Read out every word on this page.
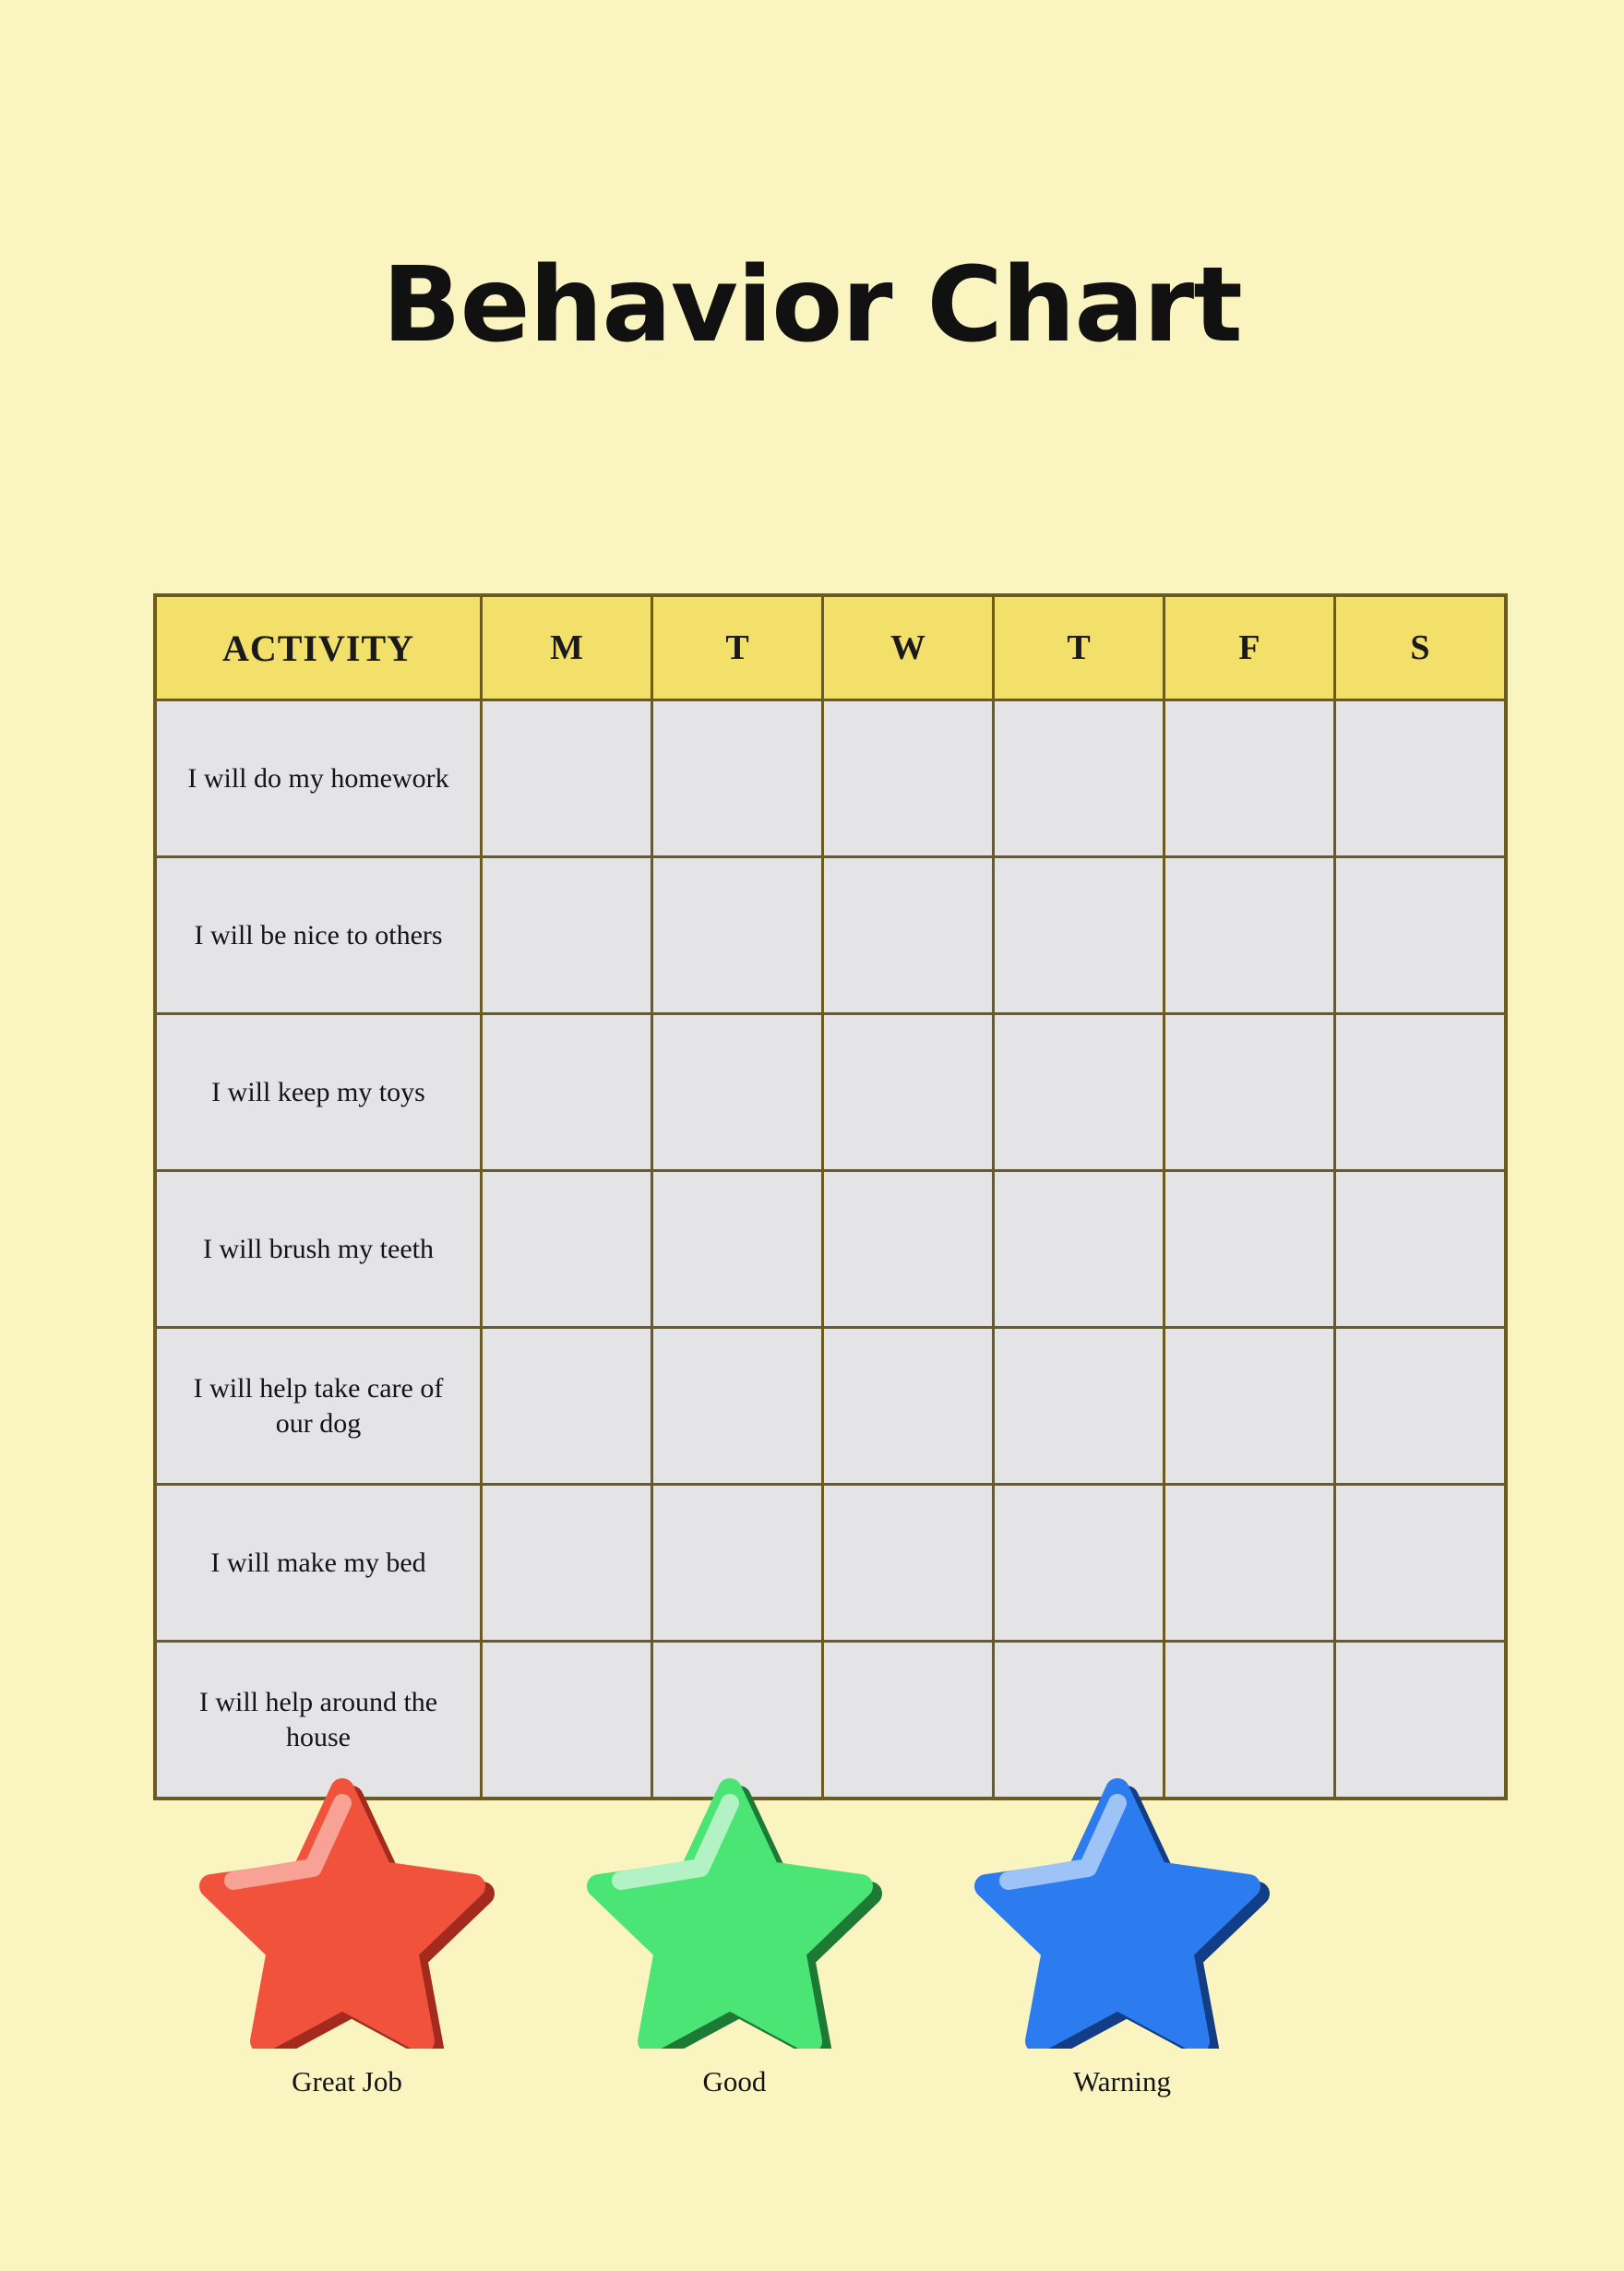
Behavior Chart
ACTIVITY	M	T	W	T	F	S
I will do my homework						
I will be nice to others						
I will keep my toys						
I will brush my teeth						
I will help take care of our dog						
I will make my bed						
I will help around the house						
Great Job	Good	Warning
